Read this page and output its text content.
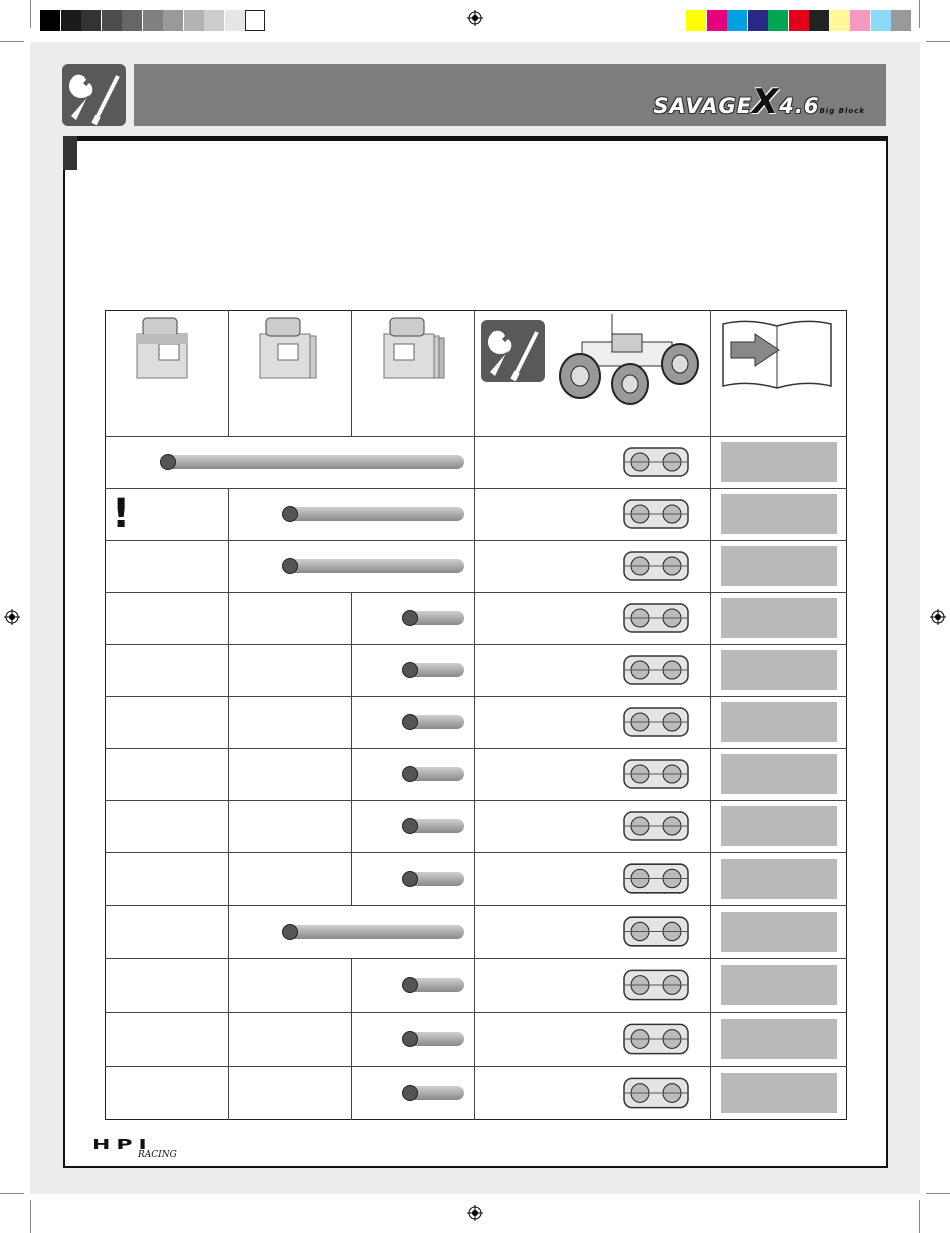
SAVAGEX4.6Big Block
!
HPI
RACING
